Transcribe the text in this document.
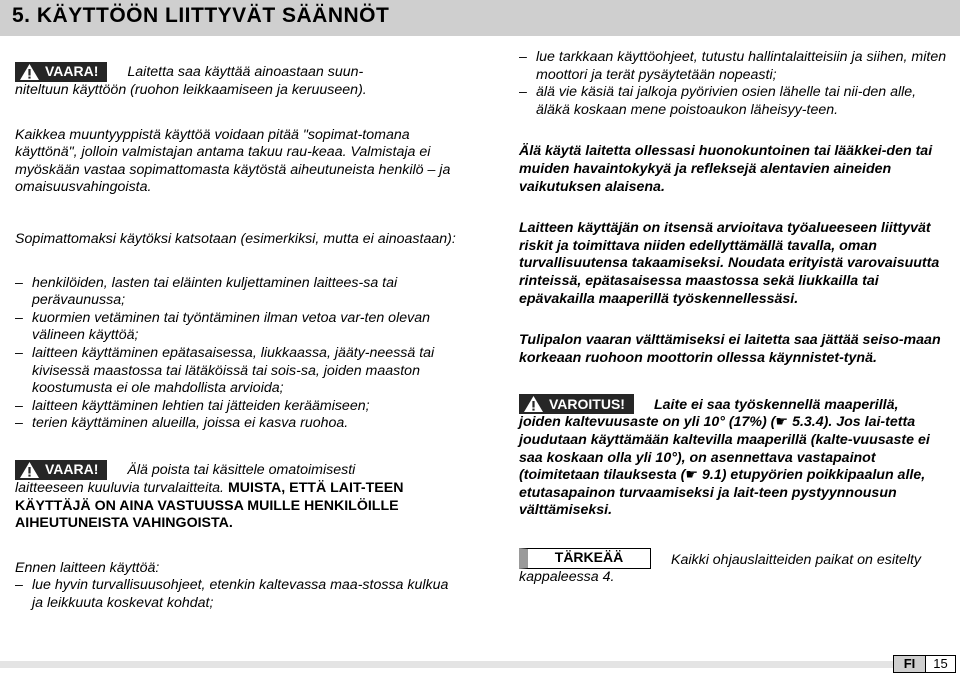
5. KÄYTTÖÖN LIITTYVÄT SÄÄNNÖT
VAARA! Laitetta saa käyttää ainoastaan suun-

niteltuun käyttöön (ruohon leikkaamiseen ja keruuseen).

Kaikkea muuntyyppistä käyttöä voidaan pitää "sopimat-tomana käyttönä", jolloin valmistajan antama takuu rau-keaa. Valmistaja ei myöskään vastaa sopimattomasta käytöstä aiheutuneista henkilö – ja omaisuusvahingoista.

Sopimattomaksi käytöksi katsotaan (esimerkiksi, mutta ei ainoastaan):

– henkilöiden, lasten tai eläinten kuljettaminen laittees-sa tai perävaunussa;
– kuormien vetäminen tai työntäminen ilman vetoa var-ten olevan välineen käyttöä;
– laitteen käyttäminen epätasaisessa, liukkaassa, jääty-neessä tai kivisessä maastossa tai lätäköissä tai sois-sa, joiden maaston koostumusta ei ole mahdollista arvioida;
– laitteen käyttäminen lehtien tai jätteiden keräämiseen;
– terien käyttäminen alueilla, joissa ei kasva ruohoa.
VAARA! Älä poista tai käsittele omatoimisesti

laitteeseen kuuluvia turvalaitteita. MUISTA, ETTÄ LAIT-TEEN KÄYTTÄJÄ ON AINA VASTUUSSA MUILLE HENKILÖILLE AIHEUTUNEISTA VAHINGOISTA.

Ennen laitteen käyttöä:

– lue hyvin turvallisuusohjeet, etenkin kaltevassa maa-stossa kulkua ja leikkuuta koskevat kohdat;
– lue tarkkaan käyttöohjeet, tutustu hallintalaitteisiin ja siihen, miten moottori ja terät pysäytetään nopeasti;
– älä vie käsiä tai jalkoja pyörivien osien lähelle tai nii-den alle, äläkä koskaan mene poistoaukon läheisyy-teen.

Älä käytä laitetta ollessasi huonokuntoinen tai lääkkei-den tai muiden havaintokykyä ja refleksejä alentavien aineiden vaikutuksen alaisena.

Laitteen käyttäjän on itsensä arvioitava työalueeseen liittyvät riskit ja toimittava niiden edellyttämällä tavalla, oman turvallisuutensa takaamiseksi. Noudata erityistä varovaisuutta rinteissä, epätasaisessa maastossa sekä liukkailla tai epävakailla maaperillä työskennellessäsi.

Tulipalon vaaran välttämiseksi ei laitetta saa jättää seiso-maan korkeaan ruohoon moottorin ollessa käynnistet-tynä.

VAROITUS! Laite ei saa työskennellä maaperillä,

joiden kaltevuusaste on yli 10° (17%) (☛ 5.3.4). Jos lai-tetta joudutaan käyttämään kaltevilla maaperillä (kalte-vuusaste ei saa koskaan olla yli 10°), on asennettava vastapainot (toimitetaan tilauksesta (☛ 9.1) etupyörien poikkipaalun alle, etutasapainon turvaamiseksi ja lait-teen pystyynnousun välttämiseksi.

TÄRKEÄÄ	Kaikki ohjauslaitteiden paikat on esitelty

kappaleessa 4.

FI	15
